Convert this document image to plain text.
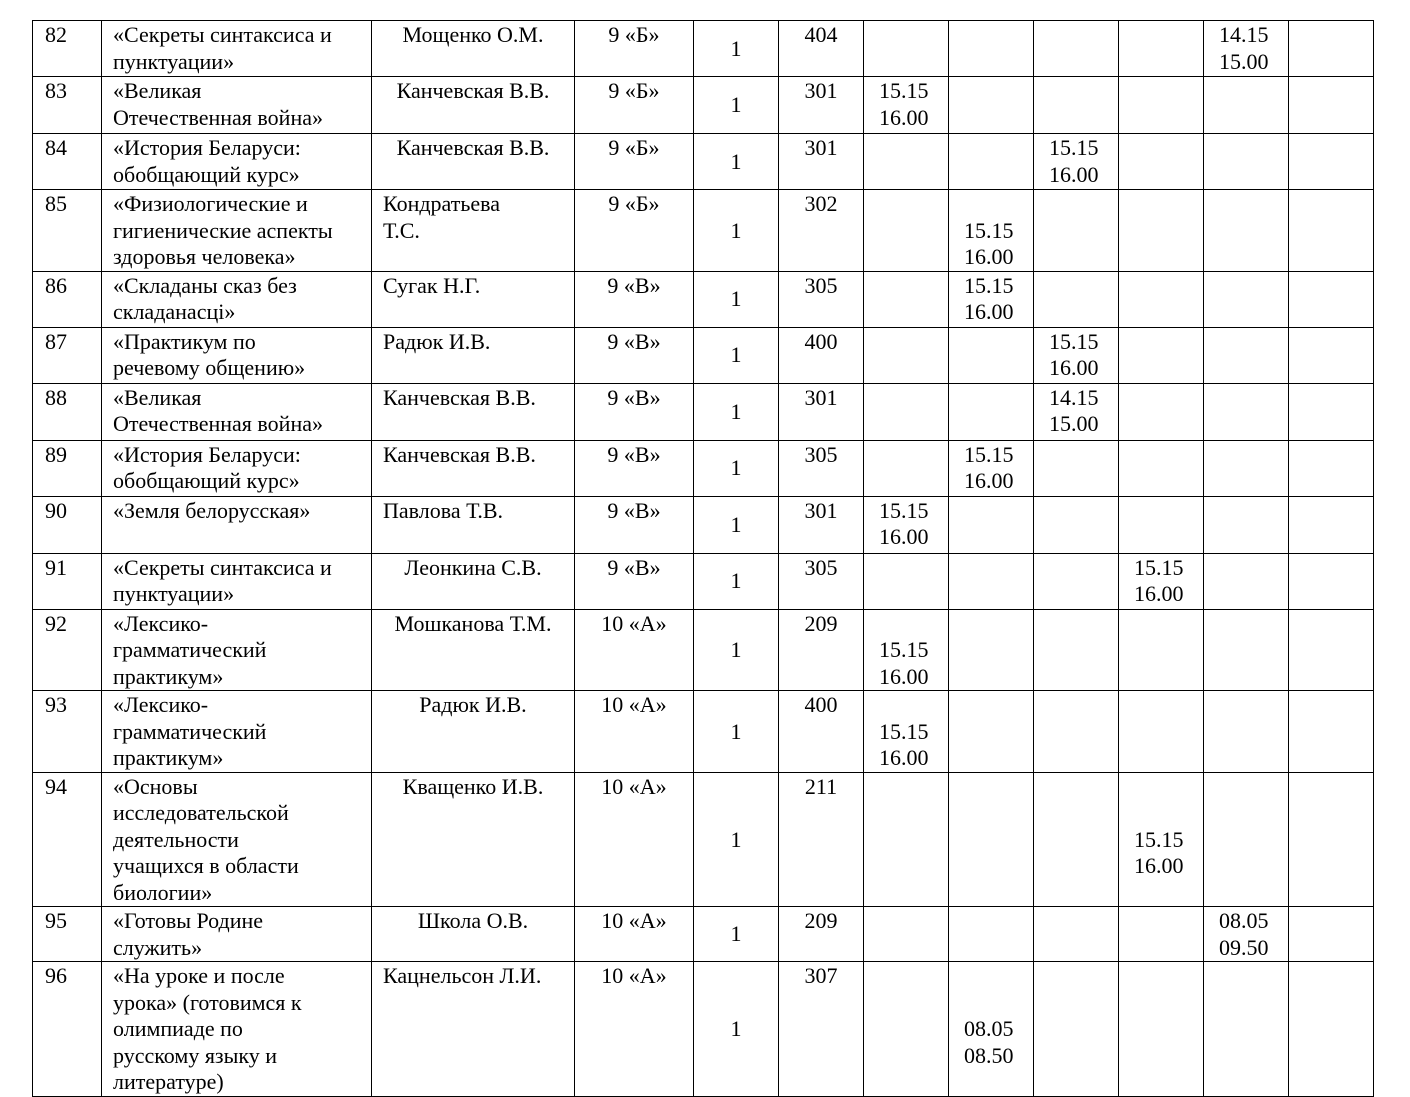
82	«Секреты синтаксиса и
пунктуации»	Мощенко О.М.	9 «Б»	1	404					14.15
15.00	

83	«Великая
Отечественная война»	Канчевская В.В.	9 «Б»	1	301	15.15
16.00					

84	«История Беларуси:
обобщающий курс»	Канчевская В.В.	9 «Б»	1	301			15.15
16.00			

85	«Физиологические и
гигиенические аспекты
здоровья человека»	Кондратьева
Т.С.	9 «Б»	1	302		15.15
16.00				

86	«Складаны сказ без
складанасці»	Сугак Н.Г.	9 «В»	1	305		15.15
16.00				

87	«Практикум по
речевому общению»	Радюк И.В.	9 «В»	1	400			15.15
16.00			

88	«Великая
Отечественная война»	Канчевская В.В.	9 «В»	1	301			14.15
15.00			

89	«История Беларуси:
обобщающий курс»	Канчевская В.В.	9 «В»	1	305		15.15
16.00				

90	«Земля белорусская»	Павлова Т.В.	9 «В»	1	301	15.15
16.00					

91	«Секреты синтаксиса и
пунктуации»	Леонкина С.В.	9 «В»	1	305				15.15
16.00		

92	«Лексико-
грамматический
практикум»	Мошканова Т.М.	10 «А»	1	209	15.15
16.00					

93	«Лексико-
грамматический
практикум»	Радюк И.В.	10 «А»	1	400	15.15
16.00					

94	«Основы
исследовательской
деятельности
учащихся в области
биологии»	Кващенко И.В.	10 «А»	1	211				15.15
16.00		

95	«Готовы Родине
служить»	Школа О.В.	10 «А»	1	209					08.05
09.50	

96	«На уроке и после
урока» (готовимся к
олимпиаде по
русскому языку и
литературе)	Кацнельсон Л.И.	10 «А»	1	307		08.05
08.50				
